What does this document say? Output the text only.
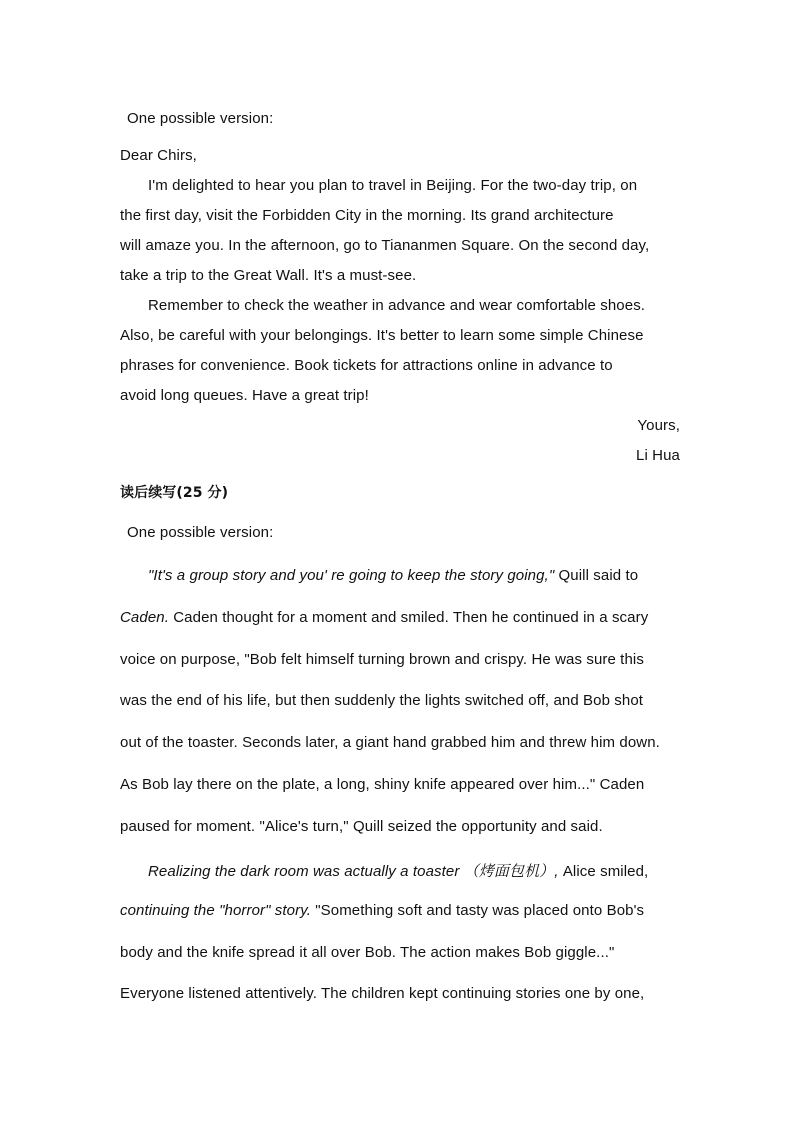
One possible version:
Dear Chirs,
I'm delighted to hear you plan to travel in Beijing. For the two-day trip, on
the first day, visit the Forbidden City in the morning. Its grand architecture
will amaze you. In the afternoon, go to Tiananmen Square. On the second day,
take a trip to the Great Wall. It's a must-see.
Remember to check the weather in advance and wear comfortable shoes.
Also, be careful with your belongings. It's better to learn some simple Chinese
phrases for convenience. Book tickets for attractions online in advance to
avoid long queues. Have a great trip!
Yours,
Li Hua
读后续写(25 分)
One possible version:
"It's a group story and you' re going to keep the story going," Quill said to
Caden. Caden thought for a moment and smiled. Then he continued in a scary
voice on purpose, "Bob felt himself turning brown and crispy. He was sure this
was the end of his life, but then suddenly the lights switched off, and Bob shot
out of the toaster. Seconds later, a giant hand grabbed him and threw him down.
As Bob lay there on the plate, a long, shiny knife appeared over him..." Caden
paused for moment. "Alice's turn," Quill seized the opportunity and said.
Realizing the dark room was actually a toaster （烤面包机）, Alice smiled,
continuing the "horror" story. "Something soft and tasty was placed onto Bob's
body and the knife spread it all over Bob. The action makes Bob giggle..."
Everyone listened attentively. The children kept continuing stories one by one,
